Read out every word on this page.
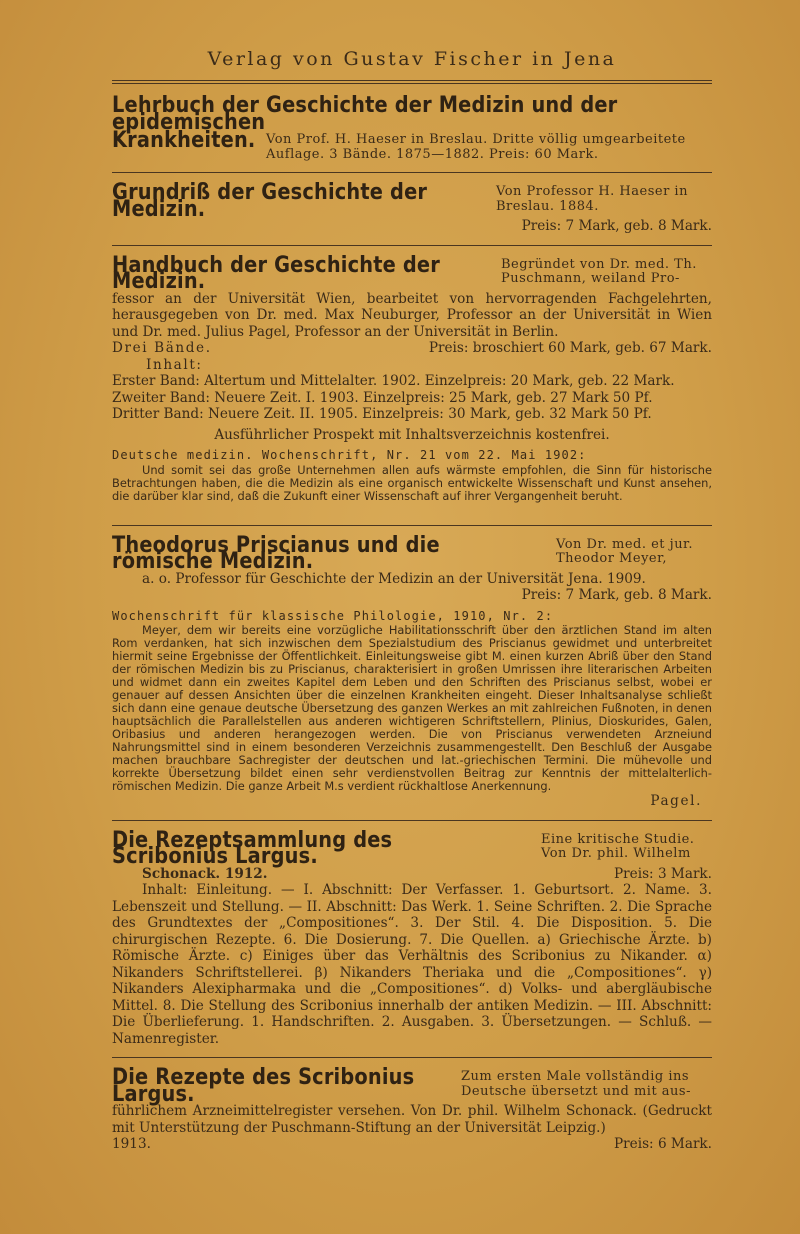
Verlag von Gustav Fischer in Jena
Lehrbuch der Geschichte der Medizin und der epidemischen
Krankheiten. Von Prof. H. Haeser in Breslau. Dritte völlig umgearbeitete Auflage. 3 Bände. 1875—1882. Preis: 60 Mark.
Grundriß der Geschichte der Medizin.
Von Professor H. Haeser in Breslau. 1884.

Preis: 7 Mark, geb. 8 Mark.

Handbuch der Geschichte der Medizin.
Begründet von Dr. med. Th. Puschmann, weiland Pro-

fessor an der Universität Wien, bearbeitet von hervorragenden Fachgelehrten, herausgegeben von Dr. med. Max Neuburger, Professor an der Universität in Wien und Dr. med. Julius Pagel, Professor an der Universität in Berlin.

Drei Bände.	Preis: broschiert 60 Mark, geb. 67 Mark.

Inhalt:

Erster Band: Altertum und Mittelalter. 1902. Einzelpreis: 20 Mark, geb. 22 Mark.

Zweiter Band: Neuere Zeit. I. 1903. Einzelpreis: 25 Mark, geb. 27 Mark 50 Pf.

Dritter Band: Neuere Zeit. II. 1905. Einzelpreis: 30 Mark, geb. 32 Mark 50 Pf.

Ausführlicher Prospekt mit Inhaltsverzeichnis kostenfrei.

Deutsche medizin. Wochenschrift, Nr. 21 vom 22. Mai 1902:

Und somit sei das große Unternehmen allen aufs wärmste empfohlen, die Sinn für historische Betrachtungen haben, die die Medizin als eine organisch entwickelte Wissenschaft und Kunst ansehen, die darüber klar sind, daß die Zukunft einer Wissenschaft auf ihrer Vergangenheit beruht.

Theodorus Priscianus und die römische Medizin.
Von Dr. med. et jur. Theodor Meyer,

a. o. Professor für Geschichte der Medizin an der Universität Jena. 1909.

Preis: 7 Mark, geb. 8 Mark.

Wochenschrift für klassische Philologie, 1910, Nr. 2:

Meyer, dem wir bereits eine vorzügliche Habilitationsschrift über den ärztlichen Stand im alten Rom verdanken, hat sich inzwischen dem Spezialstudium des Priscianus gewidmet und unterbreitet hiermit seine Ergebnisse der Öffentlichkeit. Einleitungsweise gibt M. einen kurzen Abriß über den Stand der römischen Medizin bis zu Priscianus, charakterisiert in großen Umrissen ihre literarischen Arbeiten und widmet dann ein zweites Kapitel dem Leben und den Schriften des Priscianus selbst, wobei er genauer auf dessen Ansichten über die einzelnen Krankheiten eingeht. Dieser Inhaltsanalyse schließt sich dann eine genaue deutsche Übersetzung des ganzen Werkes an mit zahlreichen Fußnoten, in denen hauptsächlich die Parallelstellen aus anderen wichtigeren Schriftstellern, Plinius, Dioskurides, Galen, Oribasius und anderen herangezogen werden. Die von Priscianus verwendeten Arzneiund Nahrungsmittel sind in einem besonderen Verzeichnis zusammengestellt. Den Beschluß der Ausgabe machen brauchbare Sachregister der deutschen und lat.-griechischen Termini. Die mühevolle und korrekte Übersetzung bildet einen sehr verdienstvollen Beitrag zur Kenntnis der mittelalterlich-römischen Medizin. Die ganze Arbeit M.s verdient rückhaltlose Anerkennung.

Pagel.

Die Rezeptsammlung des Scribonius Largus.
Eine kritische Studie. Von Dr. phil. Wilhelm
Schonack. 1912.	Preis: 3 Mark.

Inhalt: Einleitung. — I. Abschnitt: Der Verfasser. 1. Geburtsort. 2. Name. 3. Lebenszeit und Stellung. — II. Abschnitt: Das Werk. 1. Seine Schriften. 2. Die Sprache des Grundtextes der „Compositiones“. 3. Der Stil. 4. Die Disposition. 5. Die chirurgischen Rezepte. 6. Die Dosierung. 7. Die Quellen. a) Griechische Ärzte. b) Römische Ärzte. c) Einiges über das Verhältnis des Scribonius zu Nikander. α) Nikanders Schriftstellerei. β) Nikanders Theriaka und die „Compositiones“. γ) Nikanders Alexipharmaka und die „Compositiones“. d) Volks- und abergläubische Mittel. 8. Die Stellung des Scribonius innerhalb der antiken Medizin. — III. Abschnitt: Die Überlieferung. 1. Handschriften. 2. Ausgaben. 3. Übersetzungen. — Schluß. — Namenregister.

Die Rezepte des Scribonius Largus.
Zum ersten Male vollständig ins Deutsche übersetzt und mit aus-

führlichem Arzneimittelregister versehen. Von Dr. phil. Wilhelm Schonack. (Gedruckt mit Unterstützung der Puschmann-Stiftung an der Universität Leipzig.)

1913.	Preis: 6 Mark.
